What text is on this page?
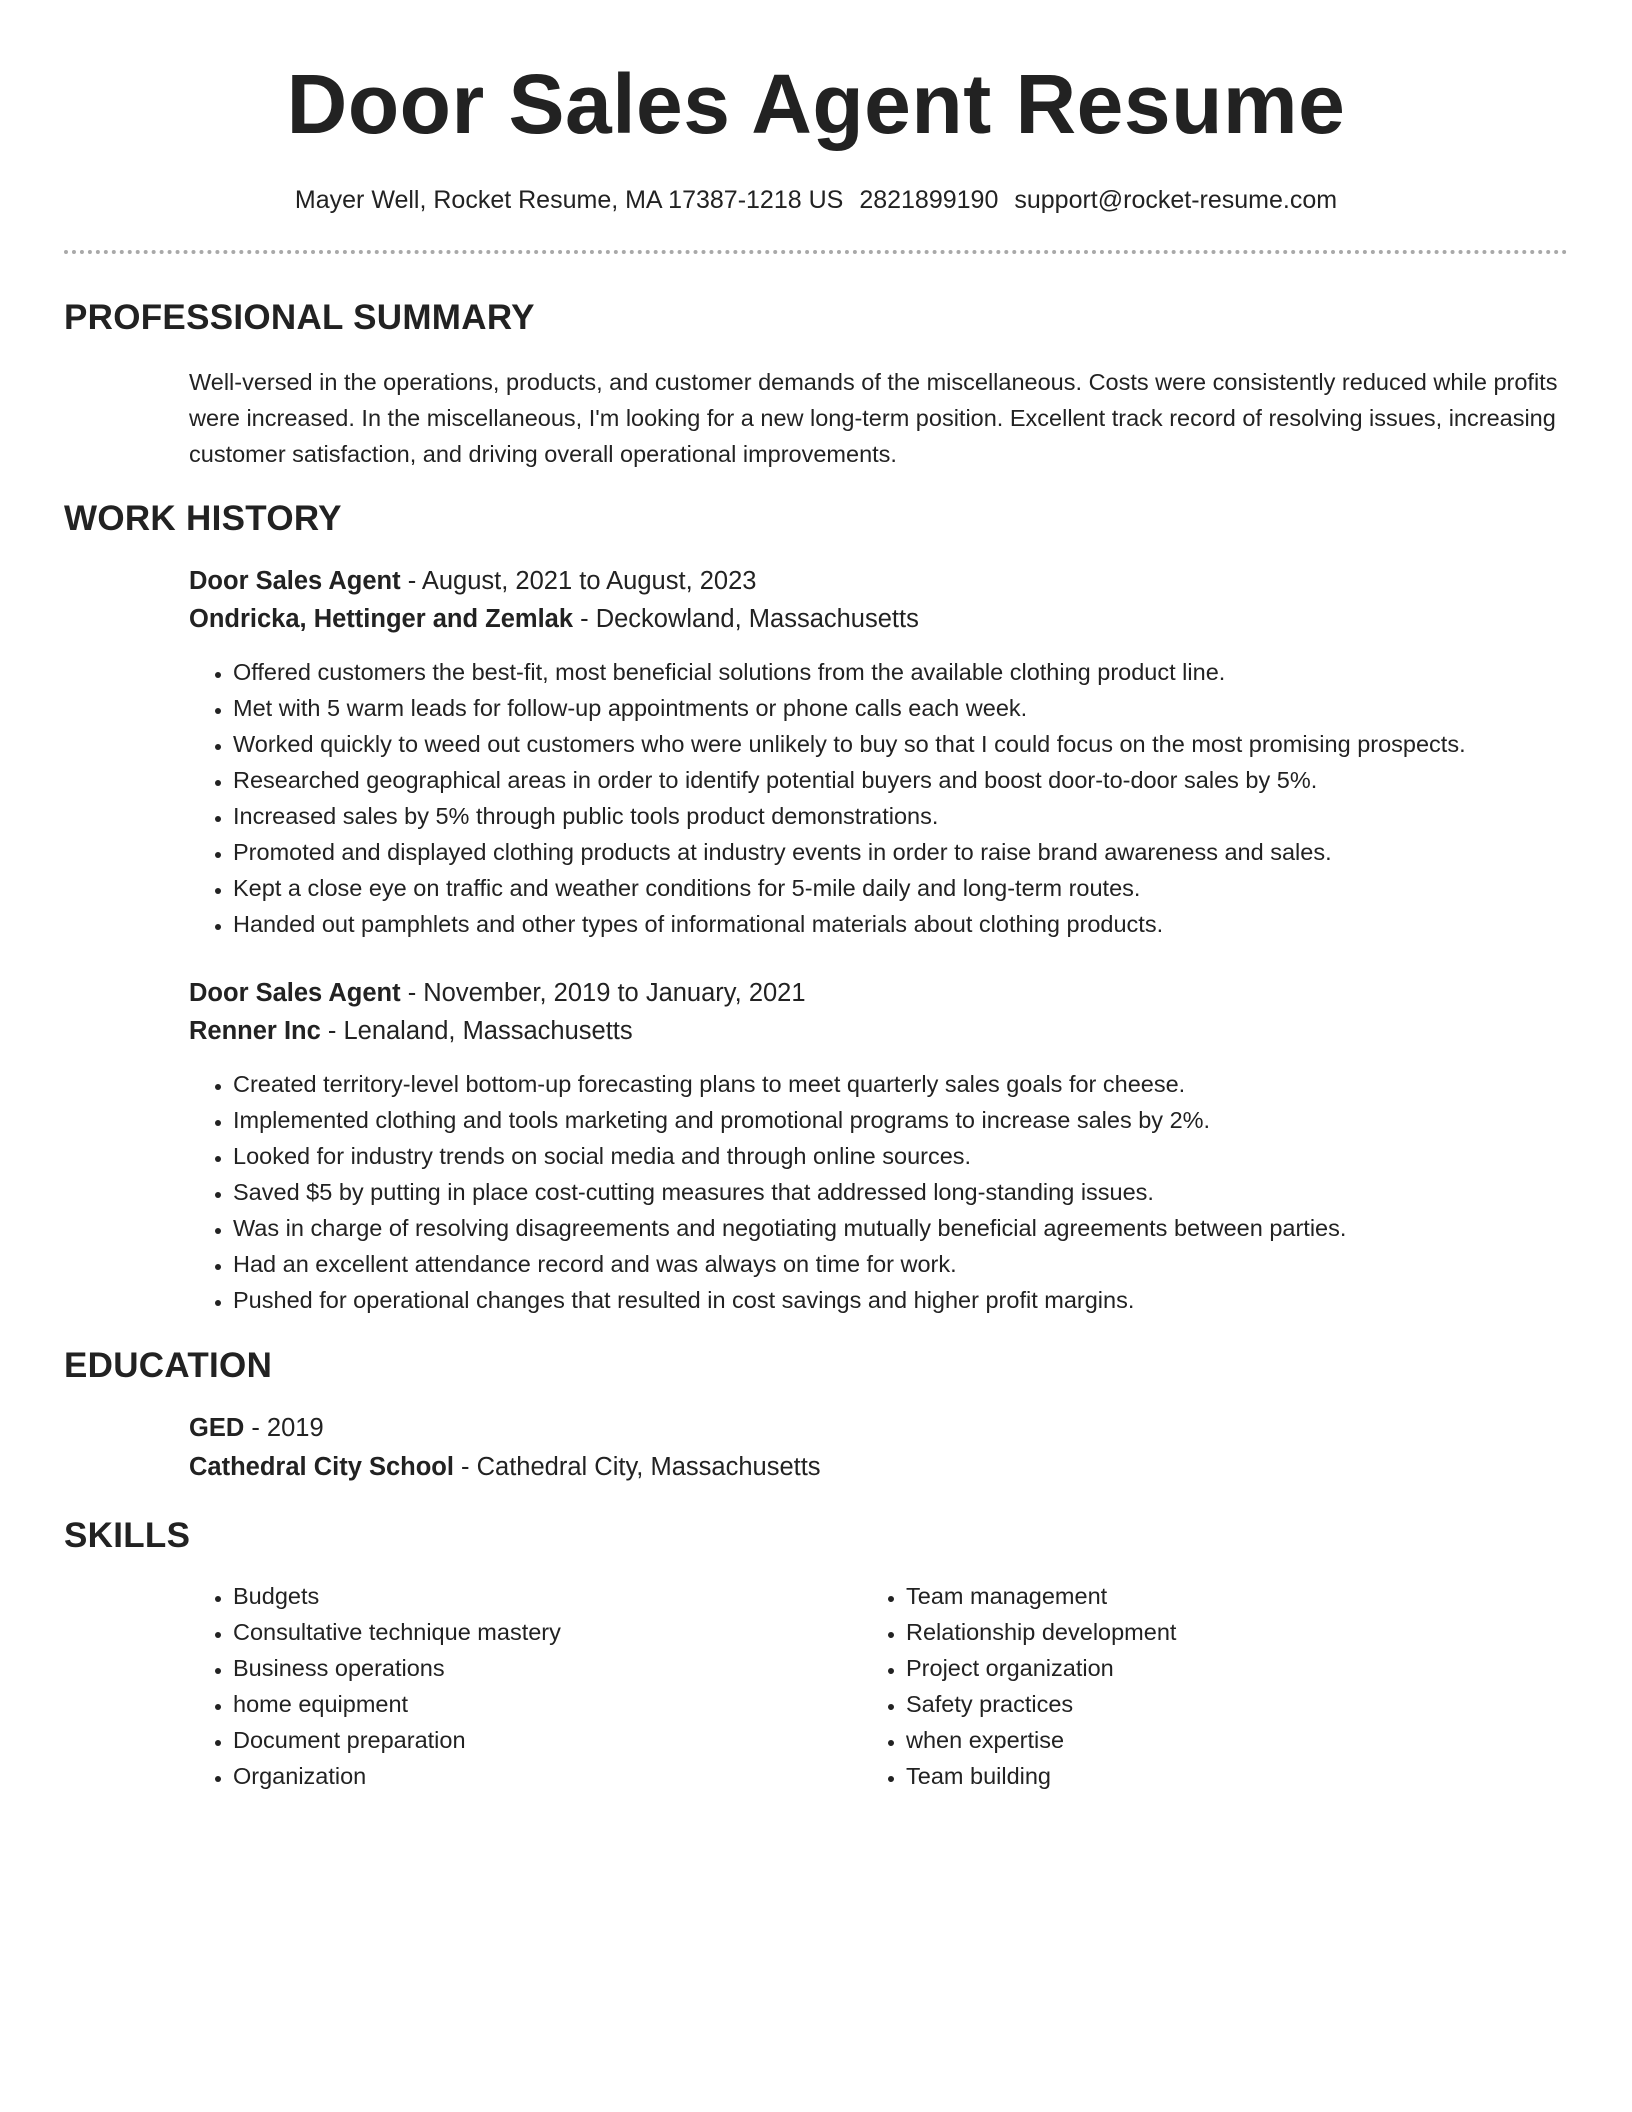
Door Sales Agent Resume
Mayer Well, Rocket Resume, MA 17387-1218 US 2821899190 support@rocket-resume.com
PROFESSIONAL SUMMARY
Well-versed in the operations, products, and customer demands of the miscellaneous. Costs were consistently reduced while profits were increased. In the miscellaneous, I'm looking for a new long-term position. Excellent track record of resolving issues, increasing customer satisfaction, and driving overall operational improvements.
WORK HISTORY
Door Sales Agent - August, 2021 to August, 2023
Ondricka, Hettinger and Zemlak - Deckowland, Massachusetts
• Offered customers the best-fit, most beneficial solutions from the available clothing product line.
• Met with 5 warm leads for follow-up appointments or phone calls each week.
• Worked quickly to weed out customers who were unlikely to buy so that I could focus on the most promising prospects.
• Researched geographical areas in order to identify potential buyers and boost door-to-door sales by 5%.
• Increased sales by 5% through public tools product demonstrations.
• Promoted and displayed clothing products at industry events in order to raise brand awareness and sales.
• Kept a close eye on traffic and weather conditions for 5-mile daily and long-term routes.
• Handed out pamphlets and other types of informational materials about clothing products.
Door Sales Agent - November, 2019 to January, 2021
Renner Inc - Lenaland, Massachusetts
• Created territory-level bottom-up forecasting plans to meet quarterly sales goals for cheese.
• Implemented clothing and tools marketing and promotional programs to increase sales by 2%.
• Looked for industry trends on social media and through online sources.
• Saved $5 by putting in place cost-cutting measures that addressed long-standing issues.
• Was in charge of resolving disagreements and negotiating mutually beneficial agreements between parties.
• Had an excellent attendance record and was always on time for work.
• Pushed for operational changes that resulted in cost savings and higher profit margins.
EDUCATION
GED - 2019
Cathedral City School - Cathedral City, Massachusetts
SKILLS
• Budgets
• Consultative technique mastery
• Business operations
• home equipment
• Document preparation
• Organization
• Team management
• Relationship development
• Project organization
• Safety practices
• when expertise
• Team building
